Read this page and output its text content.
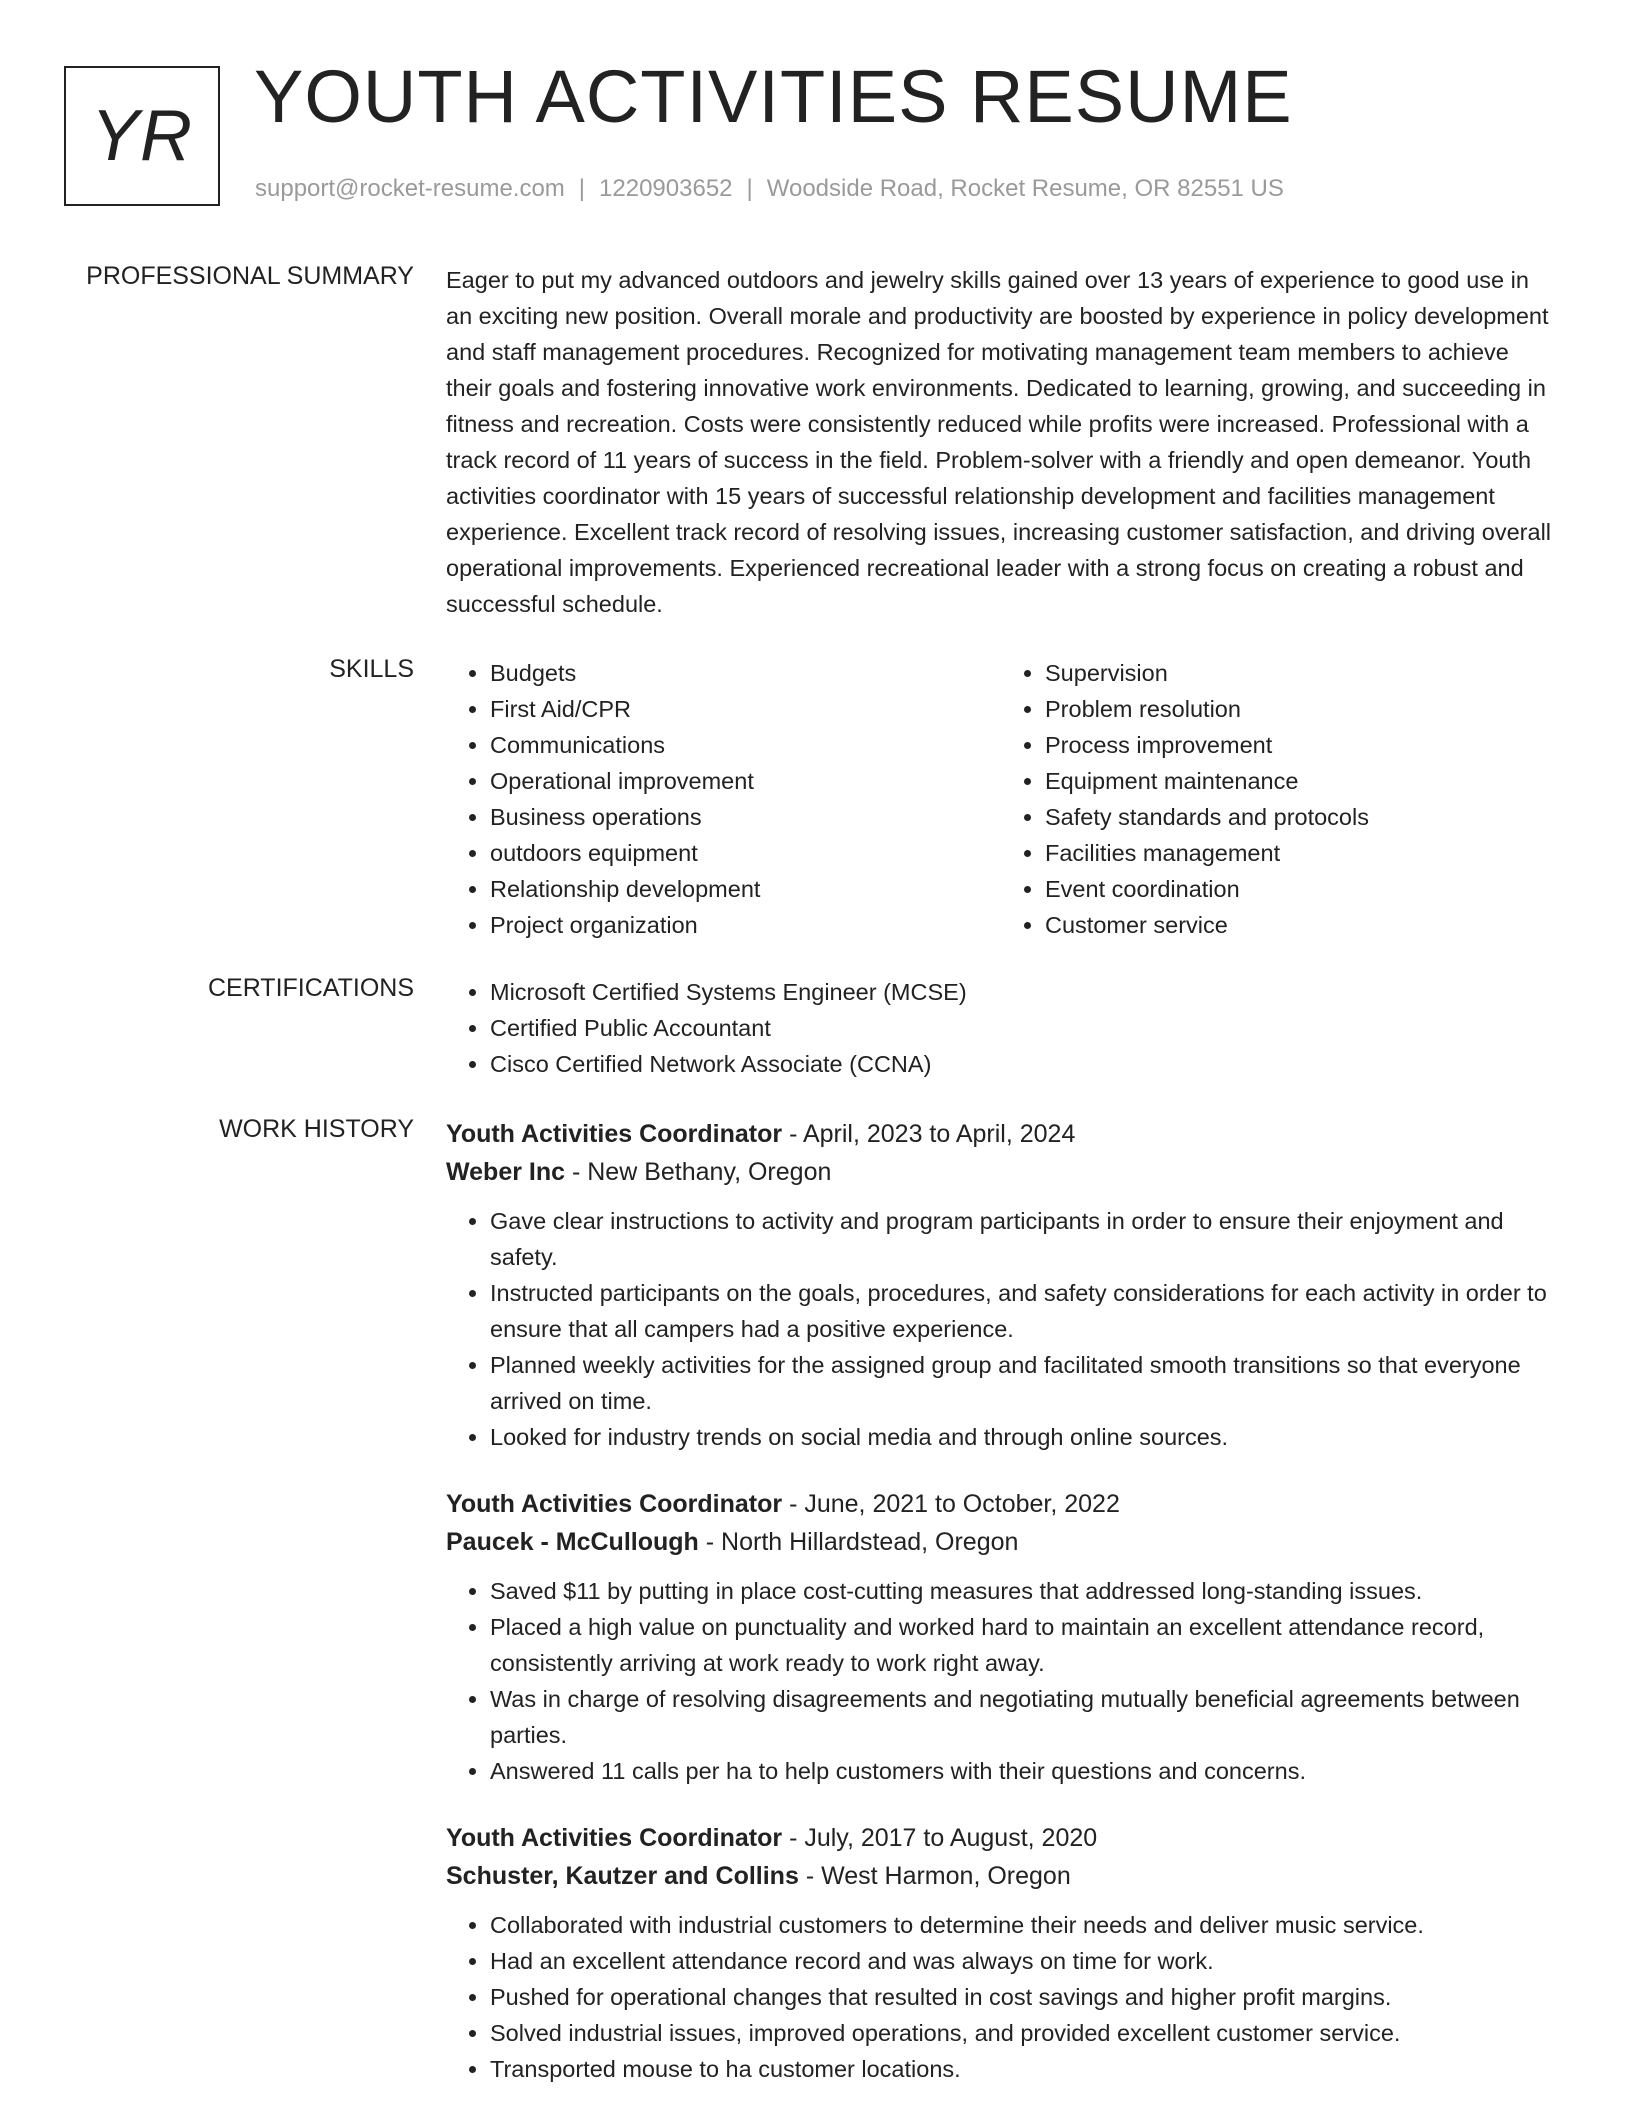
YR YOUTH ACTIVITIES RESUME
support@rocket-resume.com | 1220903652 | Woodside Road, Rocket Resume, OR 82551 US
PROFESSIONAL SUMMARY Eager to put my advanced outdoors and jewelry skills gained over 13 years of experience to good use in an exciting new position. Overall morale and productivity are boosted by experience in policy development and staff management procedures. Recognized for motivating management team members to achieve their goals and fostering innovative work environments. Dedicated to learning, growing, and succeeding in fitness and recreation. Costs were consistently reduced while profits were increased. Professional with a track record of 11 years of success in the field. Problem-solver with a friendly and open demeanor. Youth activities coordinator with 15 years of successful relationship development and facilities management experience. Excellent track record of resolving issues, increasing customer satisfaction, and driving overall operational improvements. Experienced recreational leader with a strong focus on creating a robust and successful schedule.

SKILLS	• Budgets
• First Aid/CPR
• Communications
• Operational improvement
• Business operations
• outdoors equipment
• Relationship development
• Project organization
• Supervision
• Problem resolution
• Process improvement
• Equipment maintenance
• Safety standards and protocols
• Facilities management
• Event coordination
• Customer service
CERTIFICATIONS	• Microsoft Certified Systems Engineer (MCSE)
• Certified Public Accountant
• Cisco Certified Network Associate (CCNA)
WORK HISTORY Youth Activities Coordinator - April, 2023 to April, 2024
Weber Inc - New Bethany, Oregon
• Gave clear instructions to activity and program participants in order to ensure their enjoyment and safety.
• Instructed participants on the goals, procedures, and safety considerations for each activity in order to ensure that all campers had a positive experience.
• Planned weekly activities for the assigned group and facilitated smooth transitions so that everyone arrived on time.
• Looked for industry trends on social media and through online sources.
Youth Activities Coordinator - June, 2021 to October, 2022
Paucek - McCullough - North Hillardstead, Oregon
• Saved $11 by putting in place cost-cutting measures that addressed long-standing issues.
• Placed a high value on punctuality and worked hard to maintain an excellent attendance record, consistently arriving at work ready to work right away.
• Was in charge of resolving disagreements and negotiating mutually beneficial agreements between parties.
• Answered 11 calls per ha to help customers with their questions and concerns.
Youth Activities Coordinator - July, 2017 to August, 2020
Schuster, Kautzer and Collins - West Harmon, Oregon
• Collaborated with industrial customers to determine their needs and deliver music service.
• Had an excellent attendance record and was always on time for work.
• Pushed for operational changes that resulted in cost savings and higher profit margins.
• Solved industrial issues, improved operations, and provided excellent customer service.
• Transported mouse to ha customer locations.
